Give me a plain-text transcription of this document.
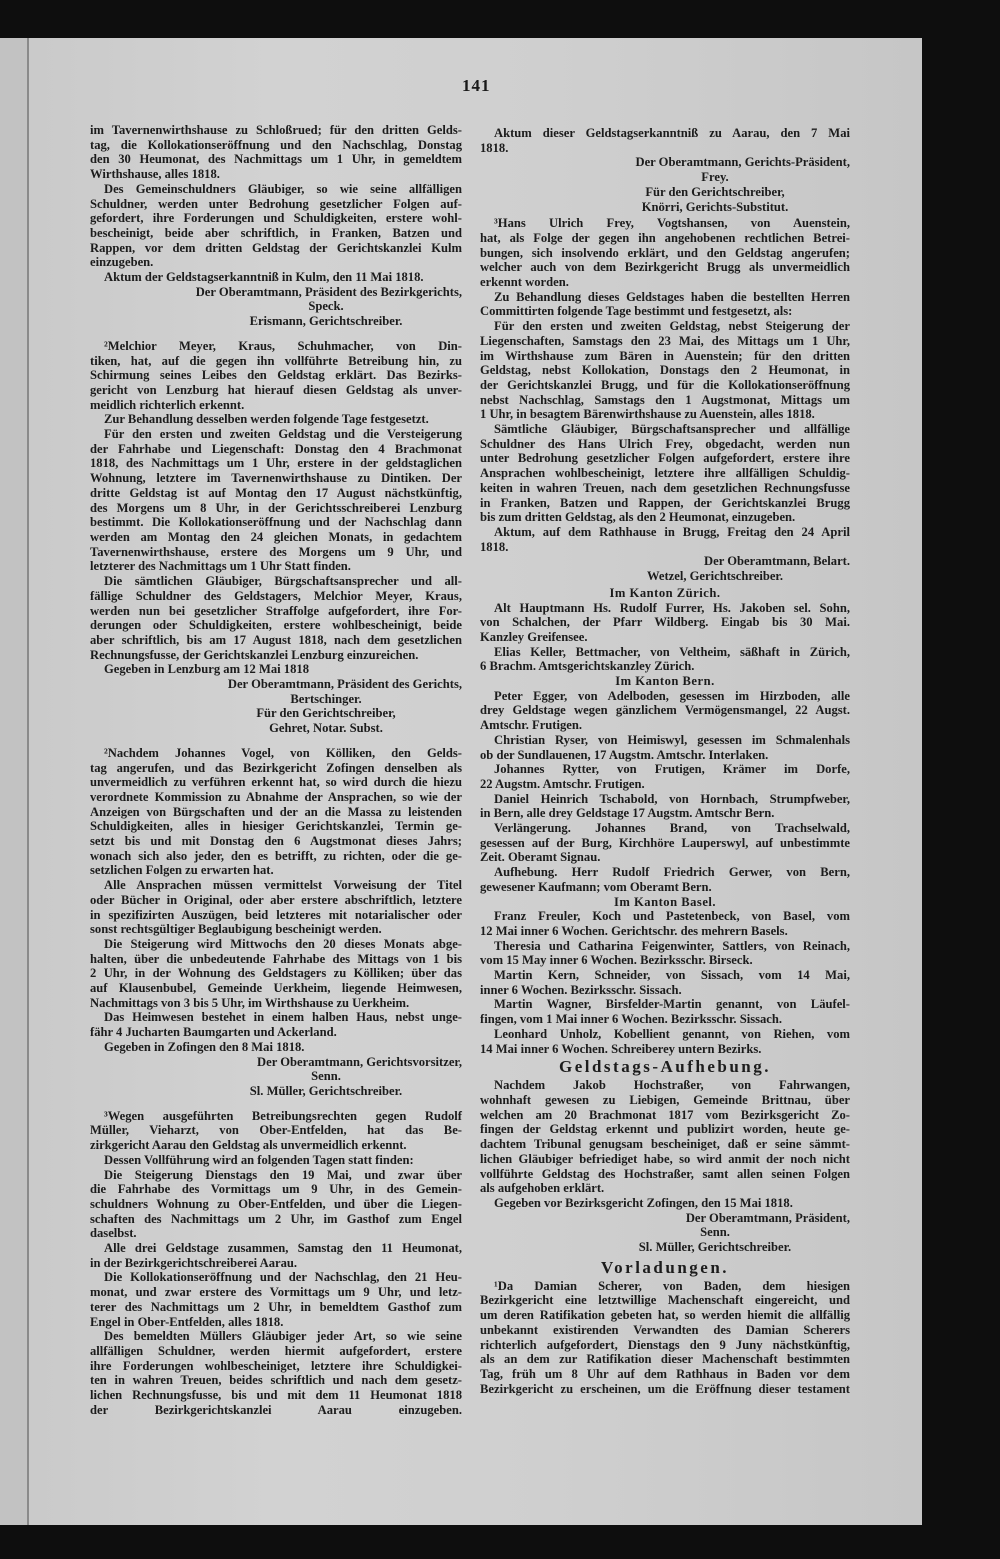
141
im Tavernenwirthshause zu Schloßrued; für den dritten Gelds-
tag, die Kollokationseröffnung und den Nachschlag, Donstag
den 30 Heumonat, des Nachmittags um 1 Uhr, in gemeldtem
Wirthshause, alles 1818.
Des Gemeinschuldners Gläubiger, so wie seine allfälligen
Schuldner, werden unter Bedrohung gesetzlicher Folgen auf-
gefordert, ihre Forderungen und Schuldigkeiten, erstere wohl-
bescheinigt, beide aber schriftlich, in Franken, Batzen und
Rappen, vor dem dritten Geldstag der Gerichtskanzlei Kulm
einzugeben.
Aktum der Geldstagserkanntniß in Kulm, den 11 Mai 1818.
Der Oberamtmann, Präsident des Bezirkgerichts,
Speck.
Erismann, Gerichtschreiber.
²Melchior Meyer, Kraus, Schuhmacher, von Din-
tiken, hat, auf die gegen ihn vollführte Betreibung hin, zu
Schirmung seines Leibes den Geldstag erklärt. Das Bezirks-
gericht von Lenzburg hat hierauf diesen Geldstag als unver-
meidlich richterlich erkennt.
Zur Behandlung desselben werden folgende Tage festgesetzt.
Für den ersten und zweiten Geldstag und die Versteigerung
der Fahrhabe und Liegenschaft: Donstag den 4 Brachmonat
1818, des Nachmittags um 1 Uhr, erstere in der geldstaglichen
Wohnung, letztere im Tavernenwirthshause zu Dintiken. Der
dritte Geldstag ist auf Montag den 17 August nächstkünftig,
des Morgens um 8 Uhr, in der Gerichtsschreiberei Lenzburg
bestimmt. Die Kollokationseröffnung und der Nachschlag dann
werden am Montag den 24 gleichen Monats, in gedachtem
Tavernenwirthshause, erstere des Morgens um 9 Uhr, und
letzterer des Nachmittags um 1 Uhr Statt finden.
Die sämtlichen Gläubiger, Bürgschaftsansprecher und all-
fällige Schuldner des Geldstagers, Melchior Meyer, Kraus,
werden nun bei gesetzlicher Straffolge aufgefordert, ihre For-
derungen oder Schuldigkeiten, erstere wohlbescheinigt, beide
aber schriftlich, bis am 17 August 1818, nach dem gesetzlichen
Rechnungsfusse, der Gerichtskanzlei Lenzburg einzureichen.
Gegeben in Lenzburg am 12 Mai 1818
Der Oberamtmann, Präsident des Gerichts,
Bertschinger.
Für den Gerichtschreiber,
Gehret, Notar. Subst.
²Nachdem Johannes Vogel, von Kölliken, den Gelds-
tag angerufen, und das Bezirkgericht Zofingen denselben als
unvermeidlich zu verführen erkennt hat, so wird durch die hiezu
verordnete Kommission zu Abnahme der Ansprachen, so wie der
Anzeigen von Bürgschaften und der an die Massa zu leistenden
Schuldigkeiten, alles in hiesiger Gerichtskanzlei, Termin ge-
setzt bis und mit Donstag den 6 Augstmonat dieses Jahrs;
wonach sich also jeder, den es betrifft, zu richten, oder die ge-
setzlichen Folgen zu erwarten hat.
Alle Ansprachen müssen vermittelst Vorweisung der Titel
oder Bücher in Original, oder aber erstere abschriftlich, letztere
in spezifizirten Auszügen, beid letzteres mit notarialischer oder
sonst rechtsgültiger Beglaubigung bescheinigt werden.
Die Steigerung wird Mittwochs den 20 dieses Monats abge-
halten, über die unbedeutende Fahrhabe des Mittags von 1 bis
2 Uhr, in der Wohnung des Geldstagers zu Kölliken; über das
auf Klausenbubel, Gemeinde Uerkheim, liegende Heimwesen,
Nachmittags von 3 bis 5 Uhr, im Wirthshause zu Uerkheim.
Das Heimwesen bestehet in einem halben Haus, nebst unge-
fähr 4 Jucharten Baumgarten und Ackerland.
Gegeben in Zofingen den 8 Mai 1818.
Der Oberamtmann, Gerichtsvorsitzer,
Senn.
Sl. Müller, Gerichtschreiber.
³Wegen ausgeführten Betreibungsrechten gegen Rudolf
Müller, Vieharzt, von Ober-Entfelden, hat das Be-
zirkgericht Aarau den Geldstag als unvermeidlich erkennt.
Dessen Vollführung wird an folgenden Tagen statt finden:
Die Steigerung Dienstags den 19 Mai, und zwar über
die Fahrhabe des Vormittags um 9 Uhr, in des Gemein-
schuldners Wohnung zu Ober-Entfelden, und über die Liegen-
schaften des Nachmittags um 2 Uhr, im Gasthof zum Engel
daselbst.
Alle drei Geldstage zusammen, Samstag den 11 Heumonat,
in der Bezirkgerichtschreiberei Aarau.
Die Kollokationseröffnung und der Nachschlag, den 21 Heu-
monat, und zwar erstere des Vormittags um 9 Uhr, und letz-
terer des Nachmittags um 2 Uhr, in bemeldtem Gasthof zum
Engel in Ober-Entfelden, alles 1818.
Des bemeldten Müllers Gläubiger jeder Art, so wie seine
allfälligen Schuldner, werden hiermit aufgefordert, erstere
ihre Forderungen wohlbescheiniget, letztere ihre Schuldigkei-
ten in wahren Treuen, beides schriftlich und nach dem gesetz-
lichen Rechnungsfusse, bis und mit dem 11 Heumonat 1818
der Bezirkgerichtskanzlei Aarau einzugeben.
Aktum dieser Geldstagserkanntniß zu Aarau, den 7 Mai
1818.
Der Oberamtmann, Gerichts-Präsident,
Frey.
Für den Gerichtschreiber,
Knörri, Gerichts-Substitut.
³Hans Ulrich Frey, Vogtshansen, von Auenstein,
hat, als Folge der gegen ihn angehobenen rechtlichen Betrei-
bungen, sich insolvendo erklärt, und den Geldstag angerufen;
welcher auch von dem Bezirkgericht Brugg als unvermeidlich
erkennt worden.
Zu Behandlung dieses Geldstages haben die bestellten Herren
Committirten folgende Tage bestimmt und festgesetzt, als:
Für den ersten und zweiten Geldstag, nebst Steigerung der
Liegenschaften, Samstags den 23 Mai, des Mittags um 1 Uhr,
im Wirthshause zum Bären in Auenstein; für den dritten
Geldstag, nebst Kollokation, Donstags den 2 Heumonat, in
der Gerichtskanzlei Brugg, und für die Kollokationseröffnung
nebst Nachschlag, Samstags den 1 Augstmonat, Mittags um
1 Uhr, in besagtem Bärenwirthshause zu Auenstein, alles 1818.
Sämtliche Gläubiger, Bürgschaftsansprecher und allfällige
Schuldner des Hans Ulrich Frey, obgedacht, werden nun
unter Bedrohung gesetzlicher Folgen aufgefordert, erstere ihre
Ansprachen wohlbescheinigt, letztere ihre allfälligen Schuldig-
keiten in wahren Treuen, nach dem gesetzlichen Rechnungsfusse
in Franken, Batzen und Rappen, der Gerichtskanzlei Brugg
bis zum dritten Geldstag, als den 2 Heumonat, einzugeben.
Aktum, auf dem Rathhause in Brugg, Freitag den 24 April
1818.
Der Oberamtmann, Belart.
Wetzel, Gerichtschreiber.
Im Kanton Zürich.
Alt Hauptmann Hs. Rudolf Furrer, Hs. Jakoben sel. Sohn,
von Schalchen, der Pfarr Wildberg. Eingab bis 30 Mai.
Kanzley Greifensee.
Elias Keller, Bettmacher, von Veltheim, säßhaft in Zürich,
6 Brachm. Amtsgerichtskanzley Zürich.
Im Kanton Bern.
Peter Egger, von Adelboden, gesessen im Hirzboden, alle
drey Geldstage wegen gänzlichem Vermögensmangel, 22 Augst.
Amtschr. Frutigen.
Christian Ryser, von Heimiswyl, gesessen im Schmalenhals
ob der Sundlauenen, 17 Augstm. Amtschr. Interlaken.
Johannes Rytter, von Frutigen, Krämer im Dorfe,
22 Augstm. Amtschr. Frutigen.
Daniel Heinrich Tschabold, von Hornbach, Strumpfweber,
in Bern, alle drey Geldstage 17 Augstm. Amtschr Bern.
Verlängerung. Johannes Brand, von Trachselwald,
gesessen auf der Burg, Kirchhöre Lauperswyl, auf unbestimmte
Zeit. Oberamt Signau.
Aufhebung. Herr Rudolf Friedrich Gerwer, von Bern,
gewesener Kaufmann; vom Oberamt Bern.
Im Kanton Basel.
Franz Freuler, Koch und Pastetenbeck, von Basel, vom
12 Mai inner 6 Wochen. Gerichtschr. des mehrern Basels.
Theresia und Catharina Feigenwinter, Sattlers, von Reinach,
vom 15 May inner 6 Wochen. Bezirksschr. Birseck.
Martin Kern, Schneider, von Sissach, vom 14 Mai,
inner 6 Wochen. Bezirksschr. Sissach.
Martin Wagner, Birsfelder-Martin genannt, von Läufel-
fingen, vom 1 Mai inner 6 Wochen. Bezirksschr. Sissach.
Leonhard Unholz, Kobellient genannt, von Riehen, vom
14 Mai inner 6 Wochen. Schreiberey untern Bezirks.
Geldstags-Aufhebung.
Nachdem Jakob Hochstraßer, von Fahrwangen,
wohnhaft gewesen zu Liebigen, Gemeinde Brittnau, über
welchen am 20 Brachmonat 1817 vom Bezirksgericht Zo-
fingen der Geldstag erkennt und publizirt worden, heute ge-
dachtem Tribunal genugsam bescheiniget, daß er seine sämmt-
lichen Gläubiger befriediget habe, so wird anmit der noch nicht
vollführte Geldstag des Hochstraßer, samt allen seinen Folgen
als aufgehoben erklärt.
Gegeben vor Bezirksgericht Zofingen, den 15 Mai 1818.
Der Oberamtmann, Präsident,
Senn.
Sl. Müller, Gerichtschreiber.
Vorladungen.
¹Da Damian Scherer, von Baden, dem hiesigen
Bezirkgericht eine letztwillige Machenschaft eingereicht, und
um deren Ratifikation gebeten hat, so werden hiemit die allfällig
unbekannt existirenden Verwandten des Damian Scherers
richterlich aufgefordert, Dienstags den 9 Juny nächstkünftig,
als an dem zur Ratifikation dieser Machenschaft bestimmten
Tag, früh um 8 Uhr auf dem Rathhaus in Baden vor dem
Bezirkgericht zu erscheinen, um die Eröffnung dieser testament
